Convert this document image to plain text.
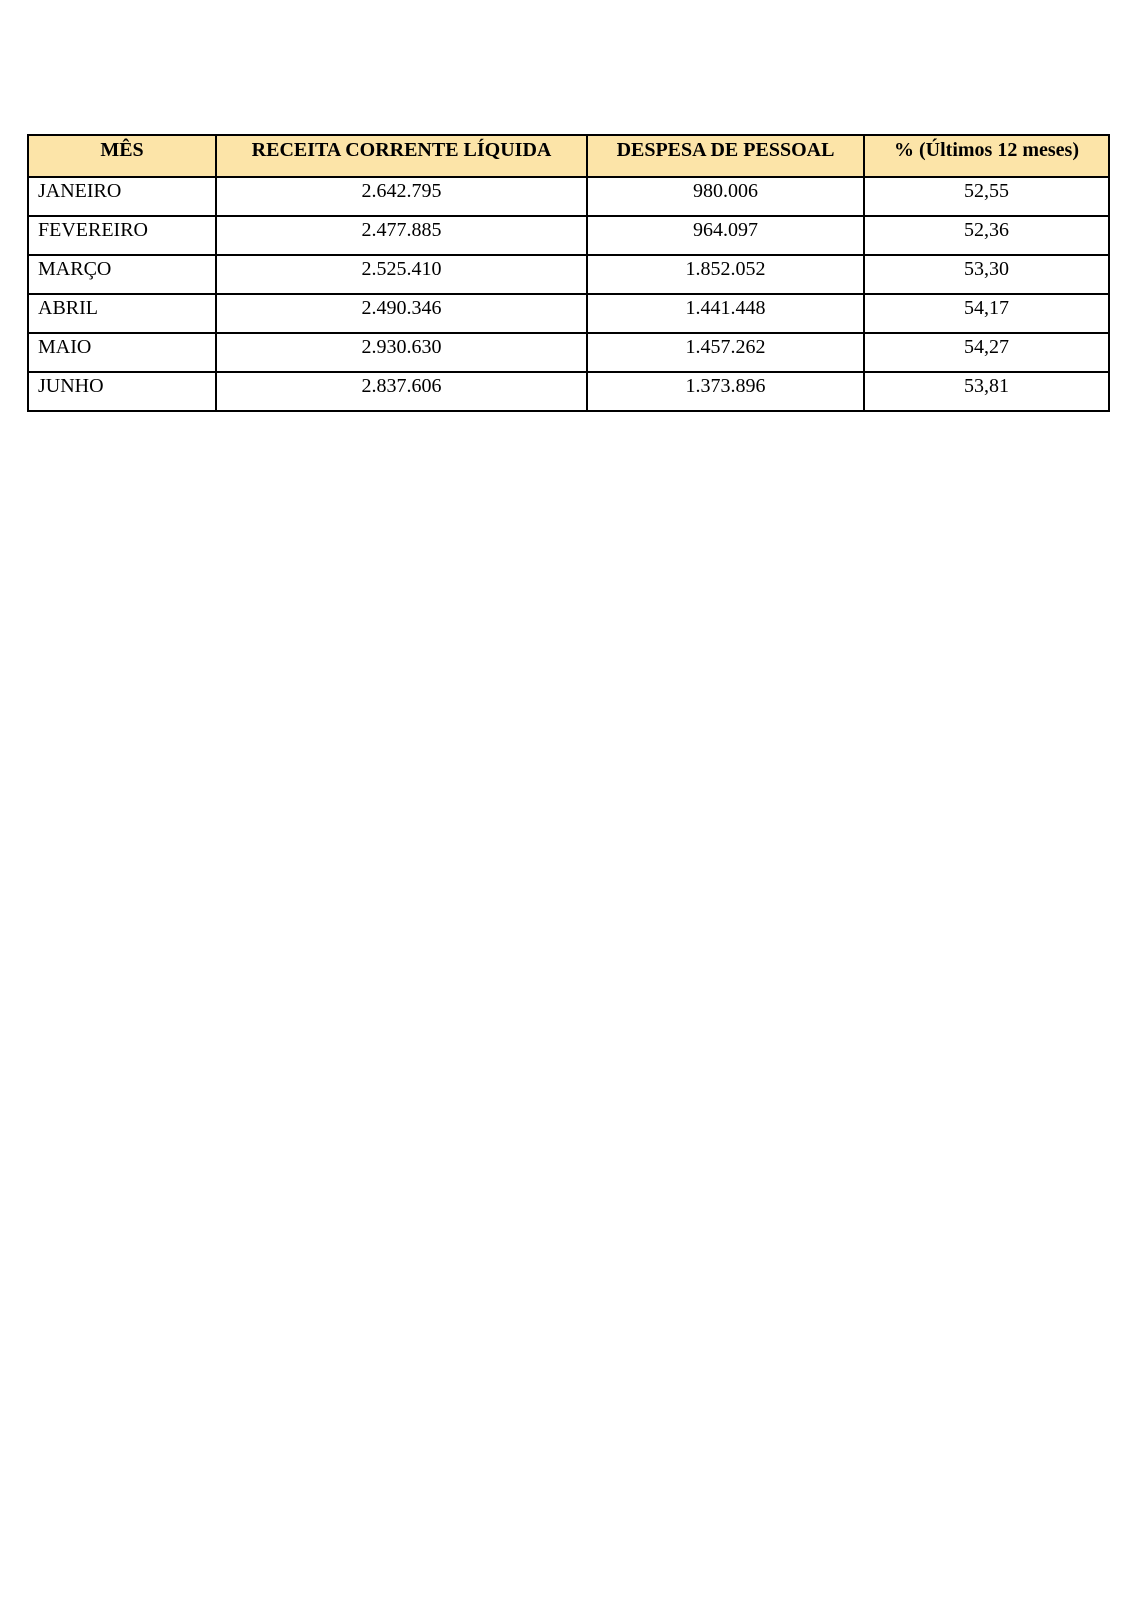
MÊS	RECEITA CORRENTE LÍQUIDA	DESPESA DE PESSOAL	% (Últimos 12 meses)
JANEIRO	2.642.795	980.006	52,55
FEVEREIRO	2.477.885	964.097	52,36
MARÇO	2.525.410	1.852.052	53,30
ABRIL	2.490.346	1.441.448	54,17
MAIO	2.930.630	1.457.262	54,27
JUNHO	2.837.606	1.373.896	53,81
